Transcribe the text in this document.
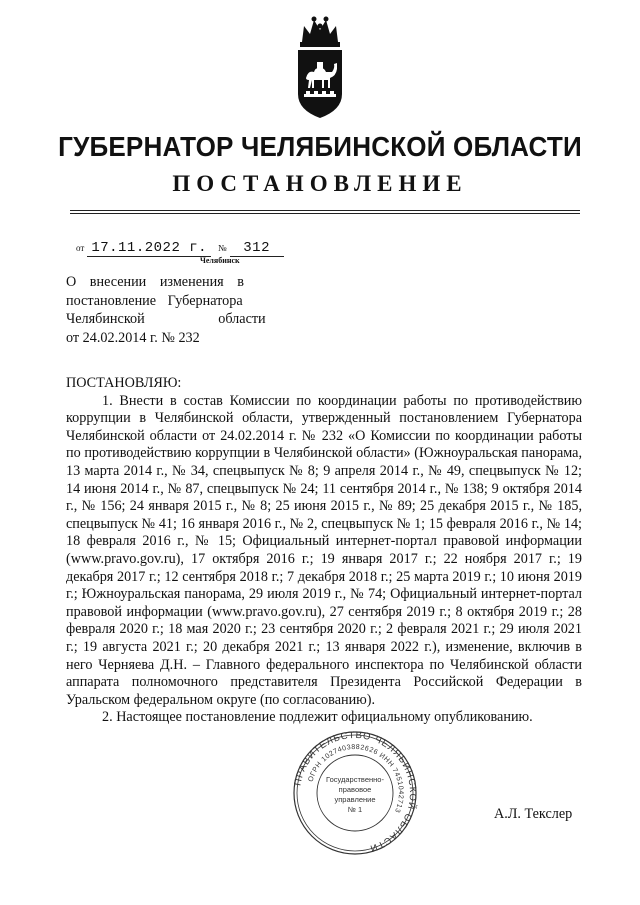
ГУБЕРНАТОР ЧЕЛЯБИНСКОЙ ОБЛАСТИ
ПОСТАНОВЛЕНИЕ
от 17.11.2022 г. № 312
Челябинск
О внесении изменения в
постановление Губернатора
Челябинской области
от 24.02.2014 г. № 232
ПОСТАНОВЛЯЮ:
1. Внести в состав Комиссии по координации работы по противодействию коррупции в Челябинской области, утвержденный постановлением Губернатора Челябинской области от 24.02.2014 г. № 232 «О Комиссии по координации работы по противодействию коррупции в Челябинской области» (Южноуральская панорама, 13 марта 2014 г., № 34, спецвыпуск № 8; 9 апреля 2014 г., № 49, спецвыпуск № 12; 14 июня 2014 г., № 87, спецвыпуск № 24; 11 сентября 2014 г., № 138; 9 октября 2014 г., № 156; 24 января 2015 г., № 8; 25 июня 2015 г., № 89; 25 декабря 2015 г., № 185, спецвыпуск № 41; 16 января 2016 г., № 2, спецвыпуск № 1; 15 февраля 2016 г., № 14; 18 февраля 2016 г., № 15; Официальный интернет-портал правовой информации (www.pravo.gov.ru), 17 октября 2016 г.; 19 января 2017 г.; 22 ноября 2017 г.; 19 декабря 2017 г.; 12 сентября 2018 г.; 7 декабря 2018 г.; 25 марта 2019 г.; 10 июня 2019 г.; Южноуральская панорама, 29 июля 2019 г., № 74; Официальный интернет-портал правовой информации (www.pravo.gov.ru), 27 сентября 2019 г.; 8 октября 2019 г.; 28 февраля 2020 г.; 18 мая 2020 г.; 23 сентября 2020 г.; 2 февраля 2021 г.; 29 июля 2021 г.; 19 августа 2021 г.; 20 декабря 2021 г.; 13 января 2022 г.), изменение, включив в него Черняева Д.Н. – Главного федерального инспектора по Челябинской области аппарата полномочного представителя Президента Российской Федерации в Уральском федеральном округе (по согласованию).
2. Настоящее постановление подлежит официальному опубликованию.
ПРАВИТЕЛЬСТВО ЧЕЛЯБИНСКОЙ ОБЛАСТИ
ОГРН 1027403882626 ИНН 7451042713
Государственно-
правовое
управление
№ 1	А.Л. Текслер
